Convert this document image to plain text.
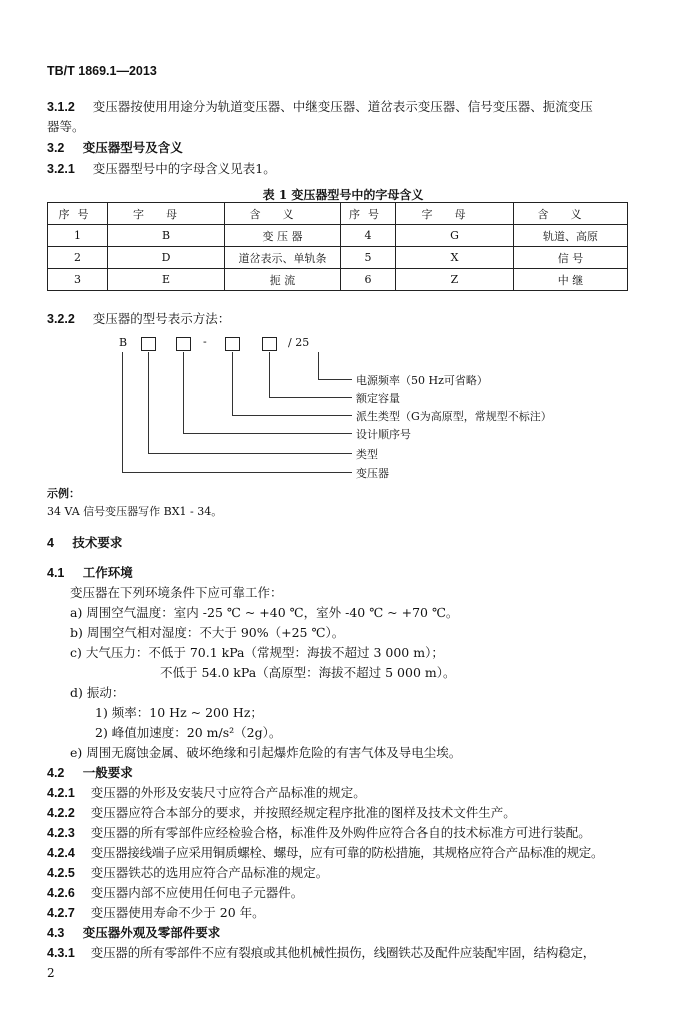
TB/T 1869.1—2013
3.1.2 变压器按使用用途分为轨道变压器、中继变压器、道岔表示变压器、信号变压器、扼流变压
器等。
3.2 变压器型号及含义
3.2.1 变压器型号中的字母含义见表1。
表 1 变压器型号中的字母含义
序号	字母	含义	序号	字母	含义
1	B	变 压 器	4	G	轨道、高原
2	D	道岔表示、单轨条	5	X	信 号
3	E	扼 流	6	Z	中 继
3.2.2 变压器的型号表示方法：
B	-	/ 25
电源频率（50 Hz可省略）
额定容量
派生类型（G为高原型，常规型不标注）
设计顺序号
类型
变压器
示例：
34 VA 信号变压器写作 BX1 - 34。
4 技术要求
4.1 工作环境
变压器在下列环境条件下应可靠工作：
a) 周围空气温度：室内 -25 ℃ ~ +40 ℃，室外 -40 ℃ ~ +70 ℃。
b) 周围空气相对湿度：不大于 90%（+25 ℃）。
c) 大气压力：不低于 70.1 kPa（常规型：海拔不超过 3 000 m）；
不低于 54.0 kPa（高原型：海拔不超过 5 000 m）。
d) 振动：
1) 频率：10 Hz ~ 200 Hz；
2) 峰值加速度：20 m/s²（2g）。
e) 周围无腐蚀金属、破坏绝缘和引起爆炸危险的有害气体及导电尘埃。
4.2 一般要求
4.2.1 变压器的外形及安装尺寸应符合产品标准的规定。
4.2.2 变压器应符合本部分的要求，并按照经规定程序批准的图样及技术文件生产。
4.2.3 变压器的所有零部件应经检验合格，标准件及外购件应符合各自的技术标准方可进行装配。
4.2.4 变压器接线端子应采用铜质螺栓、螺母，应有可靠的防松措施，其规格应符合产品标准的规定。
4.2.5 变压器铁芯的选用应符合产品标准的规定。
4.2.6 变压器内部不应使用任何电子元器件。
4.2.7 变压器使用寿命不少于 20 年。
4.3 变压器外观及零部件要求
4.3.1 变压器的所有零部件不应有裂痕或其他机械性损伤，线圈铁芯及配件应装配牢固，结构稳定，
2
